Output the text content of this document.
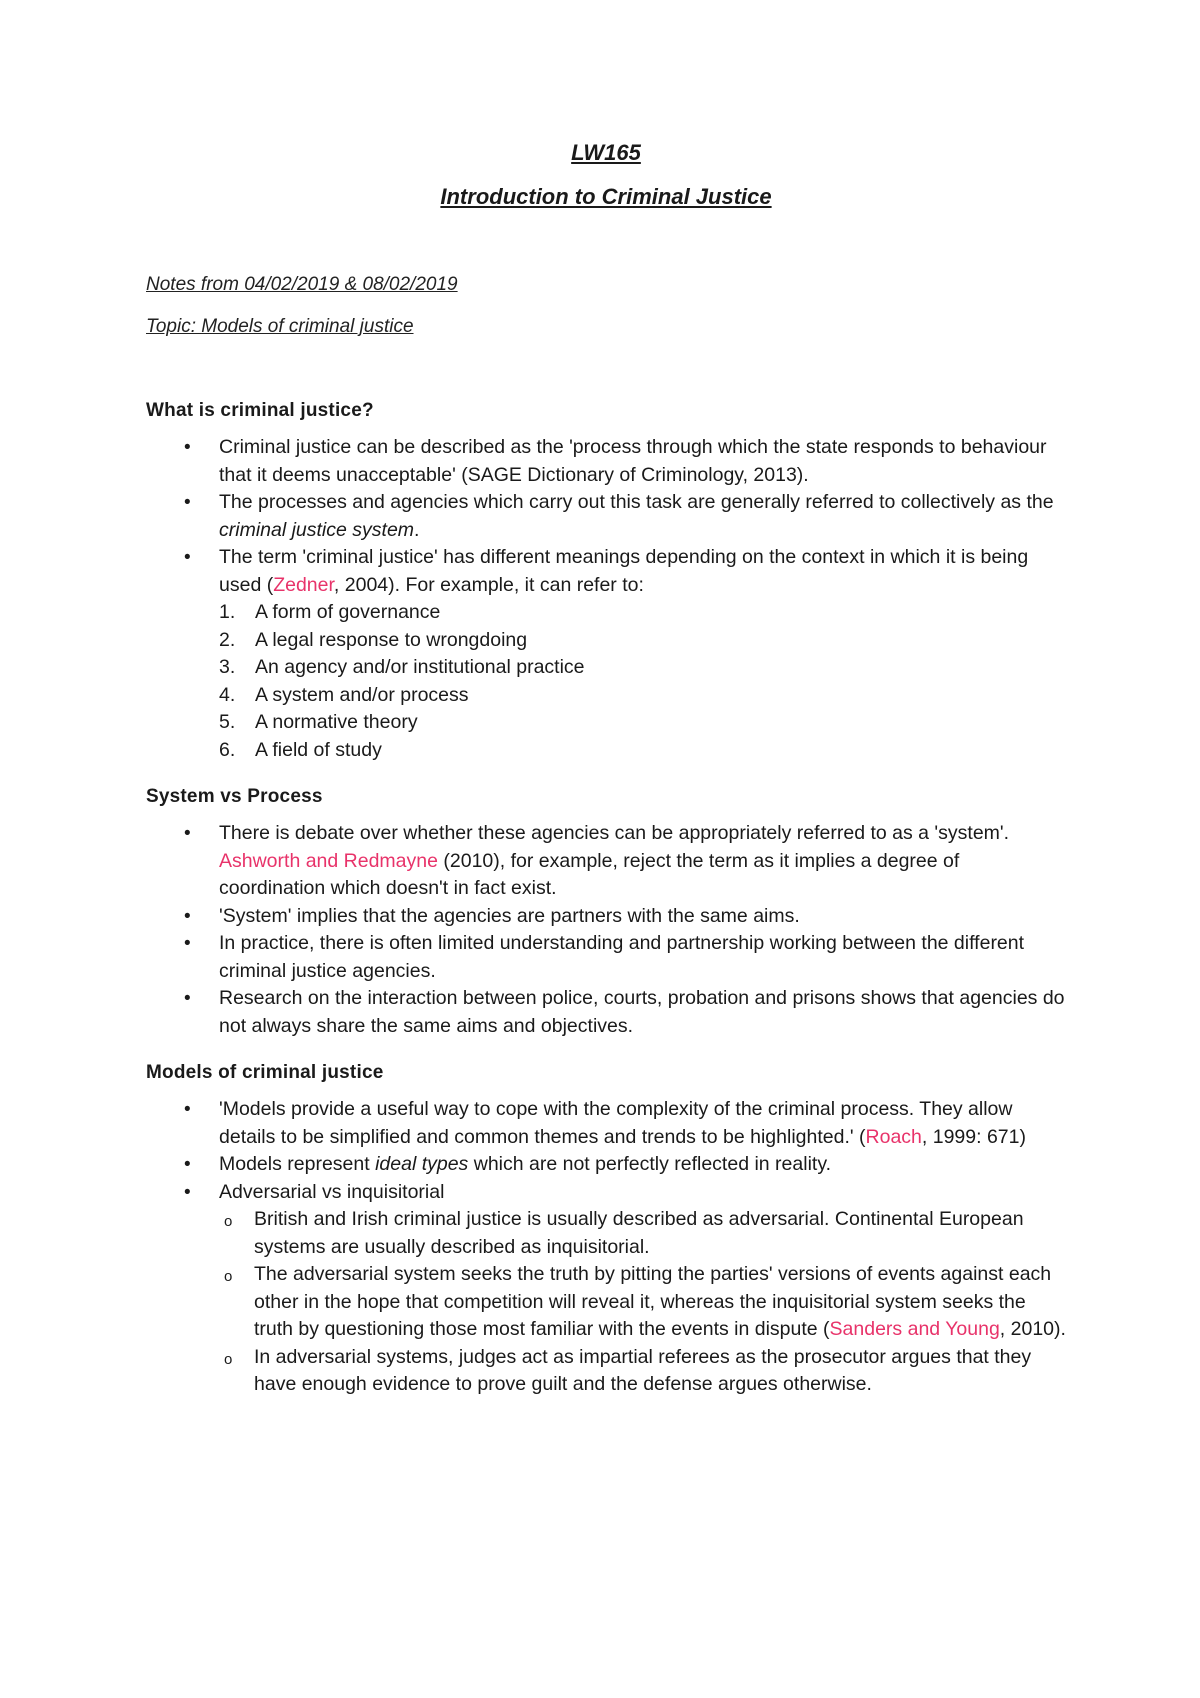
LW165

Introduction to Criminal Justice

Notes from 04/02/2019 & 08/02/2019

Topic: Models of criminal justice

What is criminal justice?
• Criminal justice can be described as the 'process through which the state responds to behaviour that it deems unacceptable' (SAGE Dictionary of Criminology, 2013).
• The processes and agencies which carry out this task are generally referred to collectively as the criminal justice system.
• The term 'criminal justice' has different meanings depending on the context in which it is being used (Zedner, 2004). For example, it can refer to:
1.	A form of governance
2.	A legal response to wrongdoing
3.	An agency and/or institutional practice
4.	A system and/or process
5.	A normative theory
6.	A field of study
System vs Process
• There is debate over whether these agencies can be appropriately referred to as a 'system'. Ashworth and Redmayne (2010), for example, reject the term as it implies a degree of coordination which doesn't in fact exist.
• 'System' implies that the agencies are partners with the same aims.
• In practice, there is often limited understanding and partnership working between the different criminal justice agencies.
• Research on the interaction between police, courts, probation and prisons shows that agencies do not always share the same aims and objectives.
Models of criminal justice
• 'Models provide a useful way to cope with the complexity of the criminal process. They allow details to be simplified and common themes and trends to be highlighted.' (Roach, 1999: 671)
• Models represent ideal types which are not perfectly reflected in reality.
• Adversarial vs inquisitorial
o British and Irish criminal justice is usually described as adversarial. Continental European systems are usually described as inquisitorial.
o The adversarial system seeks the truth by pitting the parties' versions of events against each other in the hope that competition will reveal it, whereas the inquisitorial system seeks the truth by questioning those most familiar with the events in dispute (Sanders and Young, 2010).
o In adversarial systems, judges act as impartial referees as the prosecutor argues that they have enough evidence to prove guilt and the defense argues otherwise.
